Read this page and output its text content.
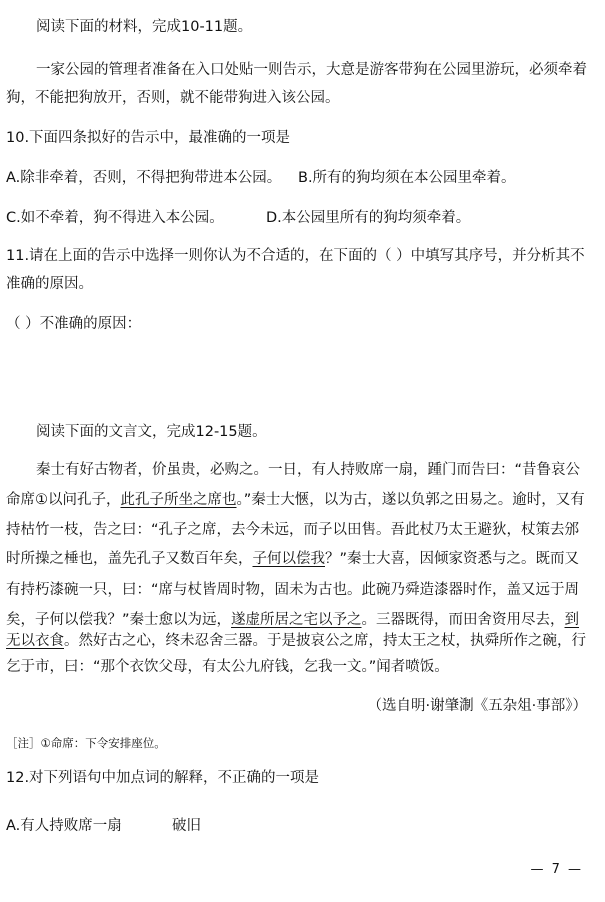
阅读下面的材料，完成10-11题。
一家公园的管理者准备在入口处贴一则告示，大意是游客带狗在公园里游玩，必须牵着
狗，不能把狗放开，否则，就不能带狗进入该公园。
10.下面四条拟好的告示中，最准确的一项是
A.除非牵着，否则，不得把狗带进本公园。	B.所有的狗均须在本公园里牵着。
C.如不牵着，狗不得进入本公园。	D.本公园里所有的狗均须牵着。
11.请在上面的告示中选择一则你认为不合适的，在下面的（ ）中填写其序号，并分析其不
准确的原因。
（ ）不准确的原因：
阅读下面的文言文，完成12-15题。
秦士有好古物者，价虽贵，必购之。一日，有人持败席一扇，踵门而告曰：“昔鲁哀公
命席①以问孔子，此孔子所坐之席也。”秦士大愜，以为古，遂以负郭之田易之。逾时，又有
持枯竹一枝，告之曰：“孔子之席，去今未远，而子以田售。吾此杖乃太王避狄，杖策去邠
时所操之棰也，盖先孔子又数百年矣，子何以偿我？”秦士大喜，因倾家资悉与之。既而又
有持朽漆碗一只，曰：“席与杖皆周时物，固未为古也。此碗乃舜造漆器时作，盖又远于周
矣，子何以偿我？”秦士愈以为远，遂虚所居之宅以予之。三器既得，而田舍资用尽去，到
无以衣食。然好古之心，终未忍舍三器。于是披哀公之席，持太王之杖，执舜所作之碗，行
乞于市，曰：“那个衣饮父母，有太公九府钱，乞我一文。”闻者喷饭。
（选自明·谢肇淛《五杂俎·事部》）
［注］①命席：下令安排座位。
12.对下列语句中加点词的解释，不正确的一项是
A.有人持败席一扇	破旧
— 7 —
